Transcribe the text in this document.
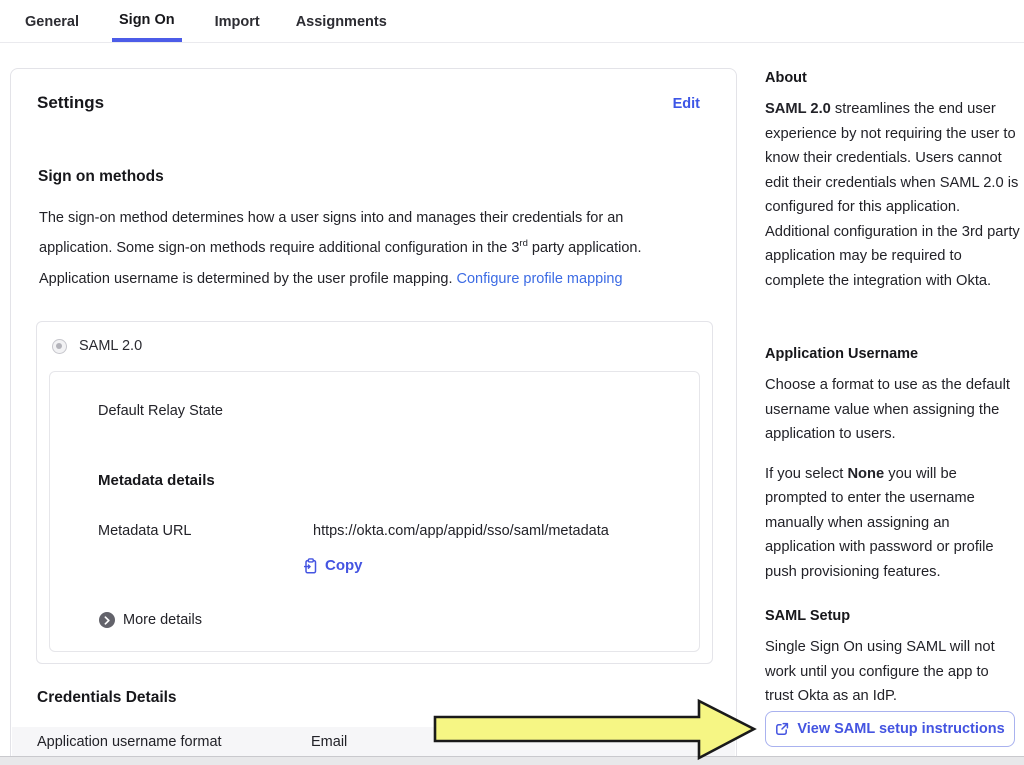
General	Sign On	Import Assignments
Settings	Edit
Sign on methods

The sign-on method determines how a user signs into and manages their credentials for an application. Some sign-on methods require additional configuration in the 3rd party application.

Application username is determined by the user profile mapping. Configure profile mapping

SAML 2.0
Default Relay State
Metadata details
Metadata URL	https://okta.com/app/appid/sso/saml/metadata
Copy
More details
Credentials Details
Application username format	Email
About

SAML 2.0 streamlines the end user experience by not requiring the user to know their credentials. Users cannot edit their credentials when SAML 2.0 is configured for this application. Additional configuration in the 3rd party application may be required to complete the integration with Okta.

Application Username

Choose a format to use as the default username value when assigning the application to users.

If you select None you will be prompted to enter the username manually when assigning an application with password or profile push provisioning features.

SAML Setup

Single Sign On using SAML will not work until you configure the app to trust Okta as an IdP.

View SAML setup instructions
